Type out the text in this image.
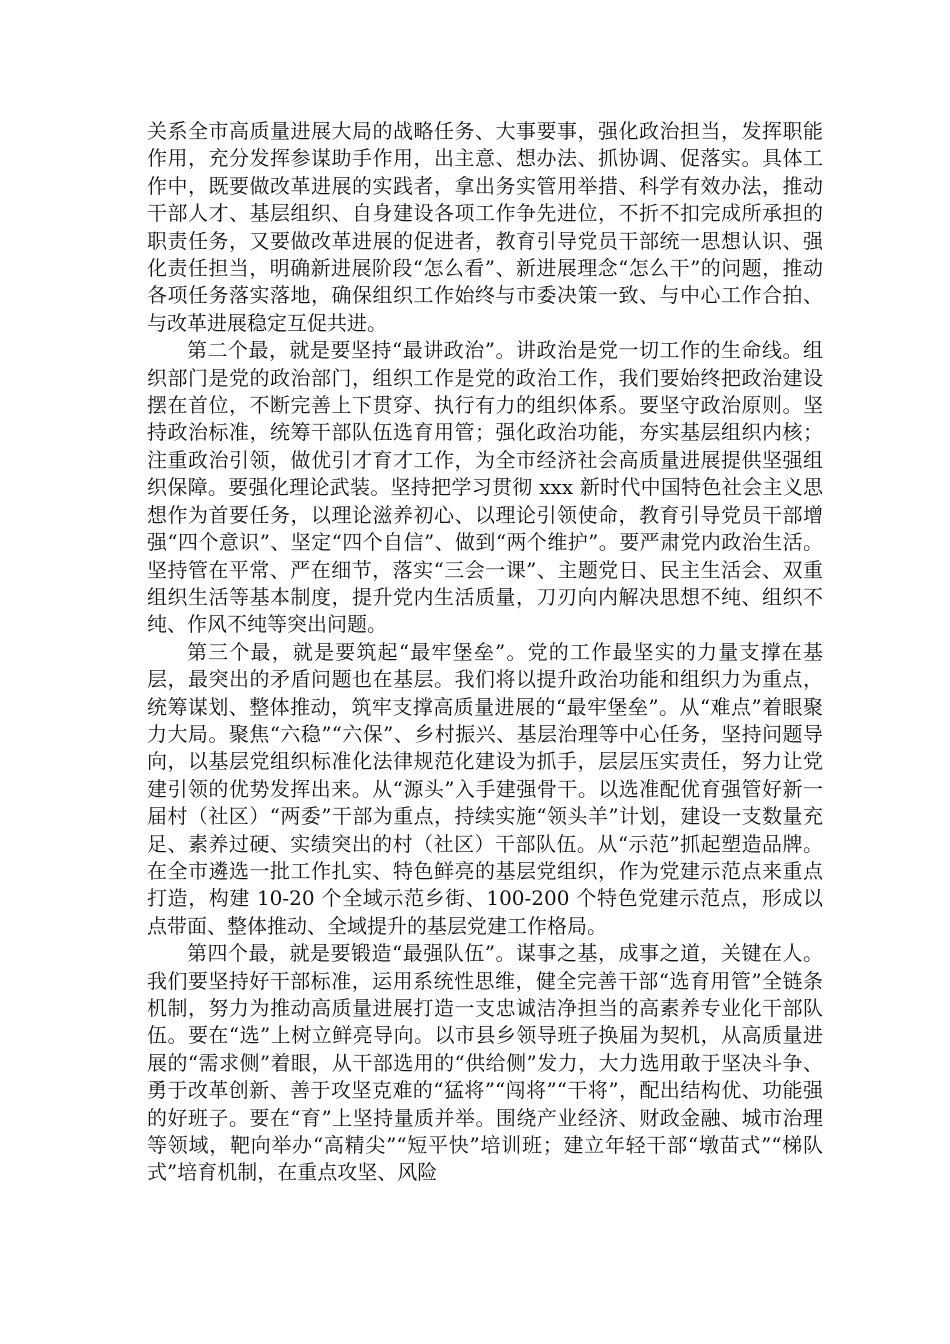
关系全市高质量进展大局的战略任务、大事要事，强化政治担当，发挥职能作用，充分发挥参谋助手作用，出主意、想办法、抓协调、促落实。具体工作中，既要做改革进展的实践者，拿出务实管用举措、科学有效办法，推动干部人才、基层组织、自身建设各项工作争先进位，不折不扣完成所承担的职责任务，又要做改革进展的促进者，教育引导党员干部统一思想认识、强化责任担当，明确新进展阶段“怎么看”、新进展理念“怎么干”的问题，推动各项任务落实落地，确保组织工作始终与市委决策一致、与中心工作合拍、与改革进展稳定互促共进。

第二个最，就是要坚持“最讲政治”。讲政治是党一切工作的生命线。组织部门是党的政治部门，组织工作是党的政治工作，我们要始终把政治建设摆在首位，不断完善上下贯穿、执行有力的组织体系。要坚守政治原则。坚持政治标准，统筹干部队伍选育用管；强化政治功能，夯实基层组织内核；注重政治引领，做优引才育才工作，为全市经济社会高质量进展提供坚强组织保障。要强化理论武装。坚持把学习贯彻 xxx 新时代中国特色社会主义思想作为首要任务，以理论滋养初心、以理论引领使命，教育引导党员干部增强“四个意识”、坚定“四个自信”、做到“两个维护”。要严肃党内政治生活。坚持管在平常、严在细节，落实“三会一课”、主题党日、民主生活会、双重组织生活等基本制度，提升党内生活质量，刀刃向内解决思想不纯、组织不纯、作风不纯等突出问题。

第三个最，就是要筑起“最牢堡垒”。党的工作最坚实的力量支撑在基层，最突出的矛盾问题也在基层。我们将以提升政治功能和组织力为重点，统筹谋划、整体推动，筑牢支撑高质量进展的“最牢堡垒”。从“难点”着眼聚力大局。聚焦“六稳”“六保”、乡村振兴、基层治理等中心任务，坚持问题导向，以基层党组织标准化法律规范化建设为抓手，层层压实责任，努力让党建引领的优势发挥出来。从“源头”入手建强骨干。以选准配优育强管好新一届村（社区）“两委”干部为重点，持续实施“领头羊”计划，建设一支数量充足、素养过硬、实绩突出的村（社区）干部队伍。从“示范”抓起塑造品牌。在全市遴选一批工作扎实、特色鲜亮的基层党组织，作为党建示范点来重点打造，构建 10-20 个全域示范乡街、100-200 个特色党建示范点，形成以点带面、整体推动、全域提升的基层党建工作格局。

第四个最，就是要锻造“最强队伍”。谋事之基，成事之道，关键在人。我们要坚持好干部标准，运用系统性思维，健全完善干部“选育用管”全链条机制，努力为推动高质量进展打造一支忠诚洁净担当的高素养专业化干部队伍。要在“选”上树立鲜亮导向。以市县乡领导班子换届为契机，从高质量进展的“需求侧”着眼，从干部选用的“供给侧”发力，大力选用敢于坚决斗争、勇于改革创新、善于攻坚克难的“猛将”“闯将”“干将”，配出结构优、功能强的好班子。要在“育”上坚持量质并举。围绕产业经济、财政金融、城市治理等领域，靶向举办“高精尖”“短平快”培训班；建立年轻干部“墩苗式”“梯队式”培育机制，在重点攻坚、风险
